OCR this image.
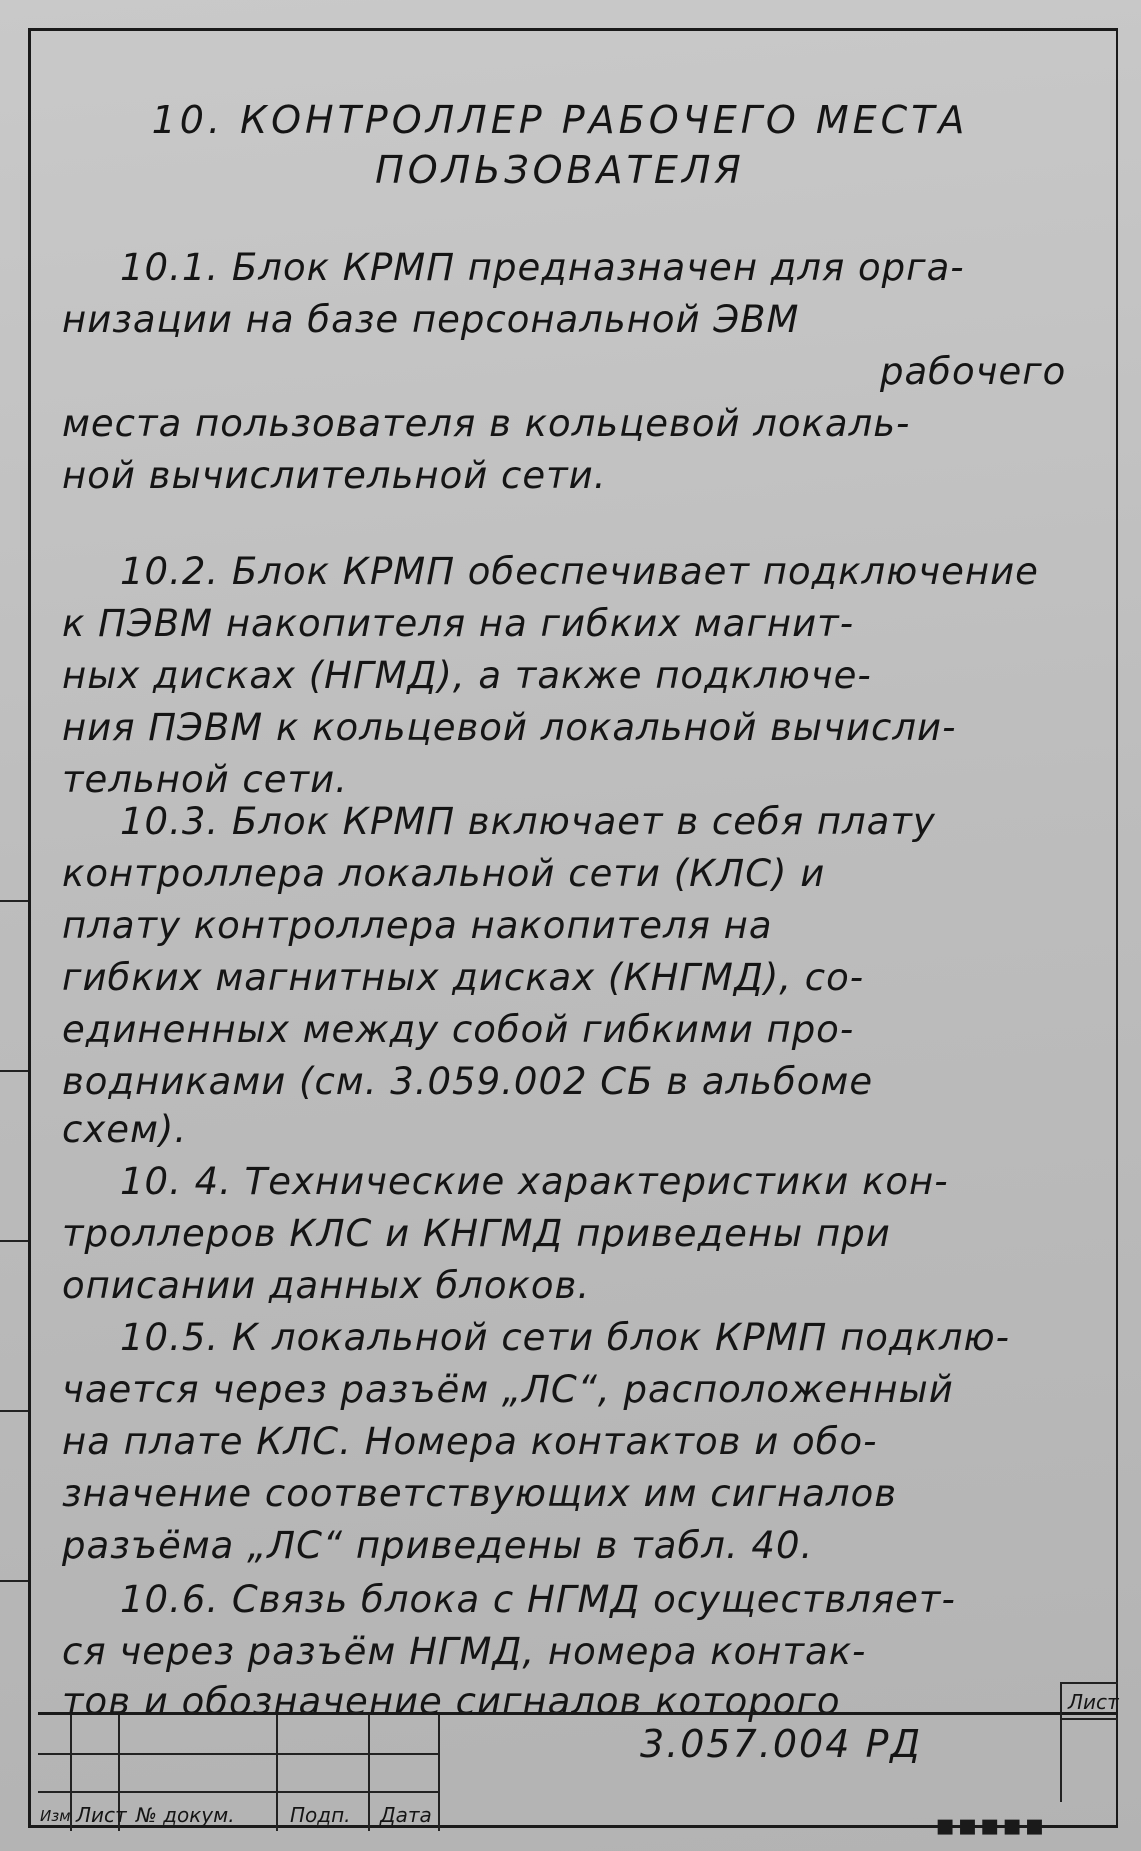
10. КОНТРОЛЛЕР РАБОЧЕГО МЕСТА
ПОЛЬЗОВАТЕЛЯ

10.1. Блок КРМП предназначен для орга-

низации на базе персональной ЭВМ

рабочего

места пользователя в кольцевой локаль-

ной вычислительной сети.

10.2. Блок КРМП обеспечивает подключение

к ПЭВМ накопителя на гибких магнит-

ных дисках (НГМД), а также подключе-

ния ПЭВМ к кольцевой локальной вычисли-

тельной сети.

10.3. Блок КРМП включает в себя плату

контроллера локальной сети (КЛС) и

плату контроллера накопителя на

гибких магнитных дисках (КНГМД), со-

единенных между собой гибкими про-

водниками (см. 3.059.002 СБ в альбоме

схем).

10. 4. Технические характеристики кон-

троллеров КЛС и КНГМД приведены при

описании данных блоков.

10.5. К локальной сети блок КРМП подклю-

чается через разъём „ЛС“, расположенный

на плате КЛС. Номера контактов и обо-

значение соответствующих им сигналов

разъёма „ЛС“ приведены в табл. 40.

10.6. Связь блока с НГМД осуществляет-

ся через разъём НГМД, номера контак-

тов и обозначение сигналов которого

Изм Лист № докум.	Подп. Дата
Лист
3.057.004 РД
▪▪▪▪▪
